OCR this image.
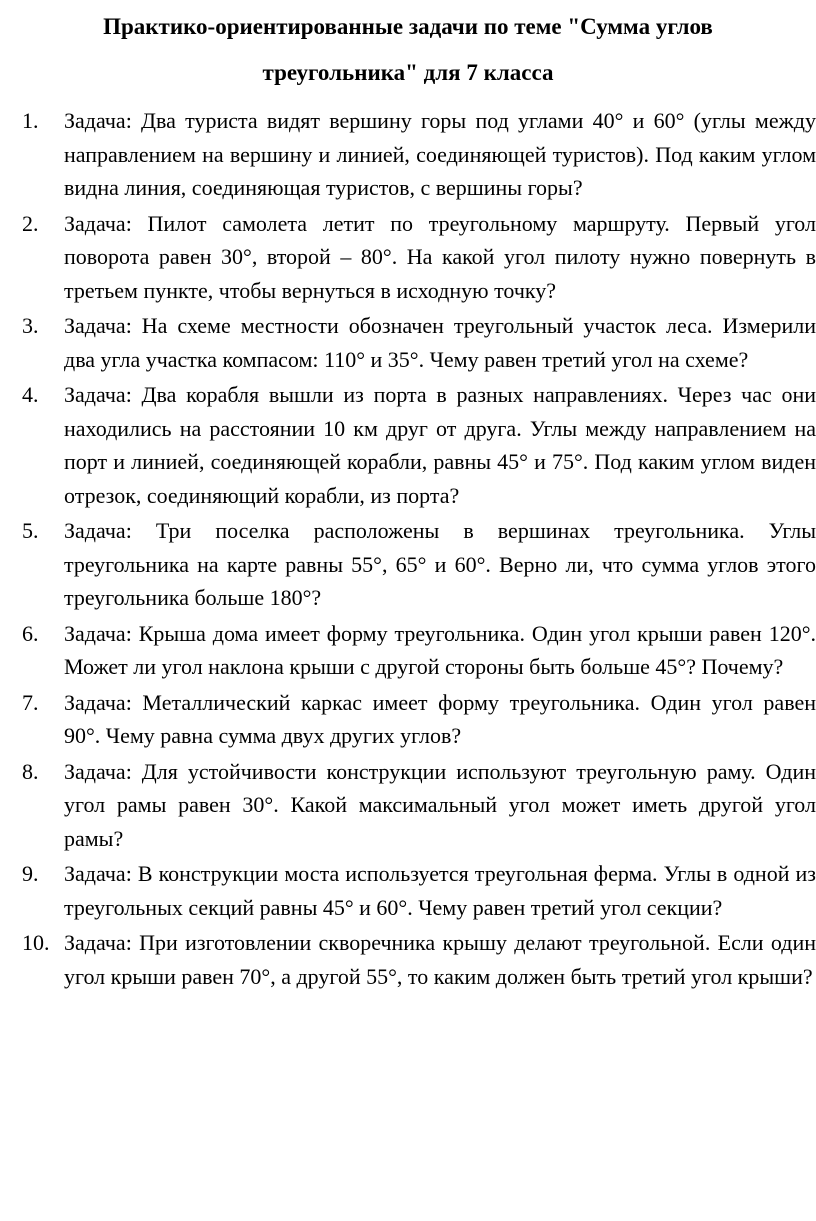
Практико-ориентированные задачи по теме "Сумма углов
треугольника" для 7 класса
1. Задача: Два туриста видят вершину горы под углами 40° и 60° (углы между направлением на вершину и линией, соединяющей туристов). Под каким углом видна линия, соединяющая туристов, с вершины горы?
2. Задача: Пилот самолета летит по треугольному маршруту. Первый угол поворота равен 30°, второй – 80°. На какой угол пилоту нужно повернуть в третьем пункте, чтобы вернуться в исходную точку?
3. Задача: На схеме местности обозначен треугольный участок леса. Измерили два угла участка компасом: 110° и 35°. Чему равен третий угол на схеме?
4. Задача: Два корабля вышли из порта в разных направлениях. Через час они находились на расстоянии 10 км друг от друга. Углы между направлением на порт и линией, соединяющей корабли, равны 45° и 75°. Под каким углом виден отрезок, соединяющий корабли, из порта?
5. Задача: Три поселка расположены в вершинах треугольника. Углы треугольника на карте равны 55°, 65° и 60°. Верно ли, что сумма углов этого треугольника больше 180°?
6. Задача: Крыша дома имеет форму треугольника. Один угол крыши равен 120°. Может ли угол наклона крыши с другой стороны быть больше 45°? Почему?
7. Задача: Металлический каркас имеет форму треугольника. Один угол равен 90°. Чему равна сумма двух других углов?
8. Задача: Для устойчивости конструкции используют треугольную раму. Один угол рамы равен 30°. Какой максимальный угол может иметь другой угол рамы?
9. Задача: В конструкции моста используется треугольная ферма. Углы в одной из треугольных секций равны 45° и 60°. Чему равен третий угол секции?
10. Задача: При изготовлении скворечника крышу делают треугольной. Если один угол крыши равен 70°, а другой 55°, то каким должен быть третий угол крыши?
